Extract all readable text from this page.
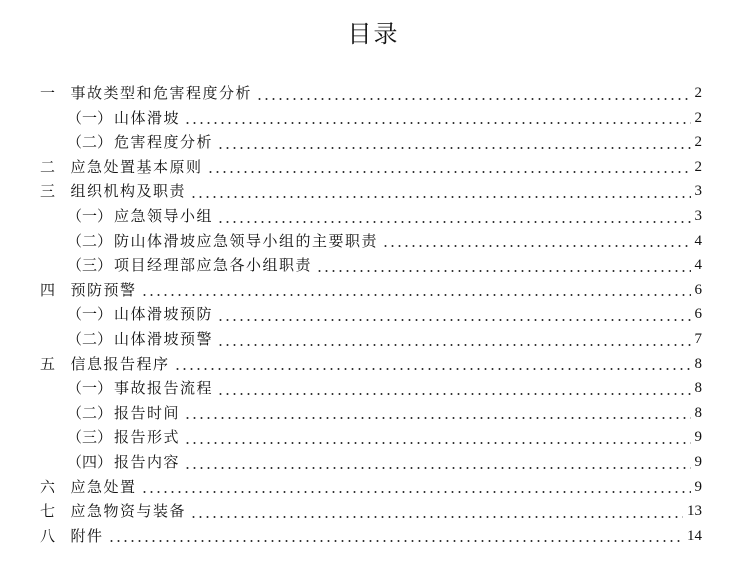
目录
一 事故类型和危害程度分析	2
（一） 山体滑坡	2
（二） 危害程度分析	2
二 应急处置基本原则	2
三 组织机构及职责	3
（一） 应急领导小组	3
（二） 防山体滑坡应急领导小组的主要职责	4
（三） 项目经理部应急各小组职责	4
四 预防预警	6
（一） 山体滑坡预防	6
（二） 山体滑坡预警	7
五 信息报告程序	8
（一） 事故报告流程	8
（二） 报告时间	8
（三） 报告形式	9
（四） 报告内容	9
六 应急处置	9
七 应急物资与装备	13
八 附件	14
